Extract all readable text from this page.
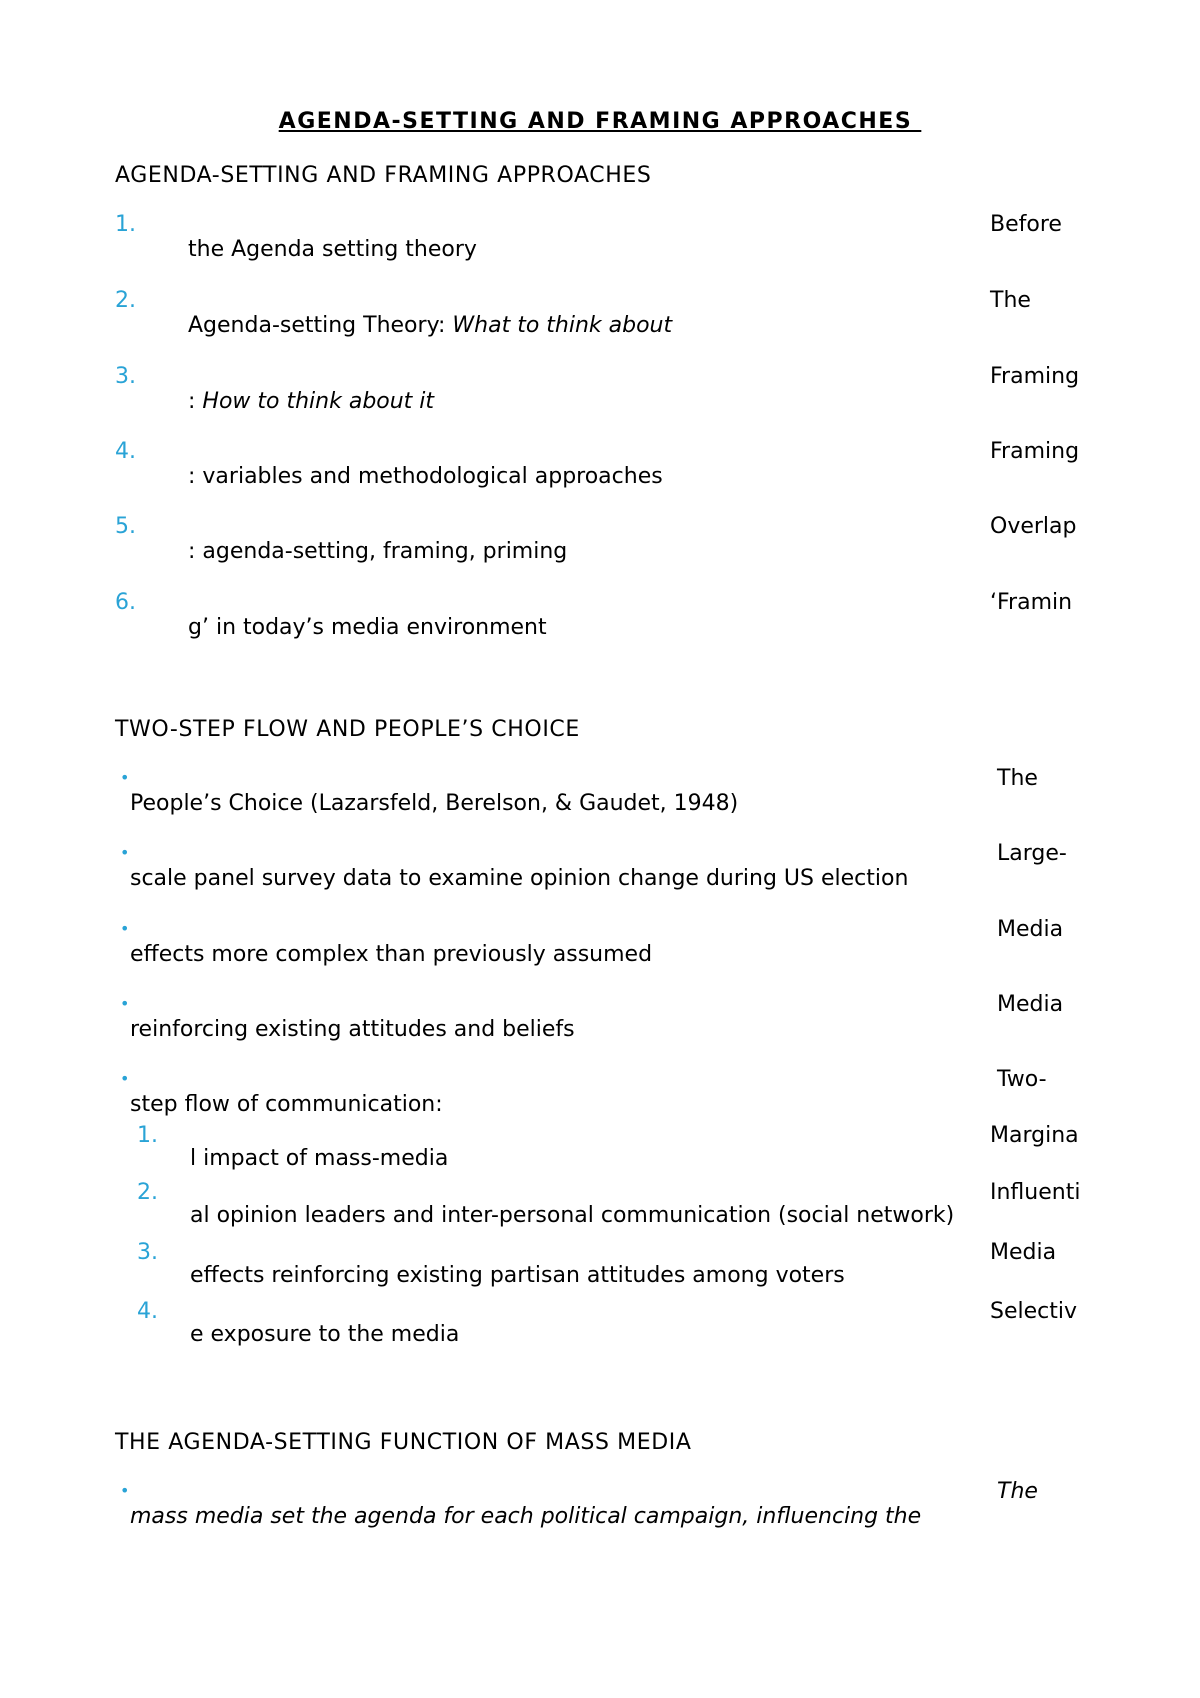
AGENDA-SETTING AND FRAMING APPROACHES
AGENDA-SETTING AND FRAMING APPROACHES
1.	Before
the Agenda setting theory
2.	The
Agenda-setting Theory: What to think about
3.	Framing
: How to think about it
4.	Framing
: variables and methodological approaches
5.	Overlap
: agenda-setting, framing, priming
6.	‘Framin
g’ in today’s media environment
TWO-STEP FLOW AND PEOPLE’S CHOICE
•	The
People’s Choice (Lazarsfeld, Berelson, & Gaudet, 1948)
•	Large-
scale panel survey data to examine opinion change during US election
•	Media
effects more complex than previously assumed
•	Media
reinforcing existing attitudes and beliefs
•	Two-
step flow of communication:
1.	Margina
l impact of mass-media
2.	Influenti
al opinion leaders and inter-personal communication (social network)
3.	Media
effects reinforcing existing partisan attitudes among voters
4.	Selectiv
e exposure to the media
THE AGENDA-SETTING FUNCTION OF MASS MEDIA
•	The
mass media set the agenda for each political campaign, influencing the
